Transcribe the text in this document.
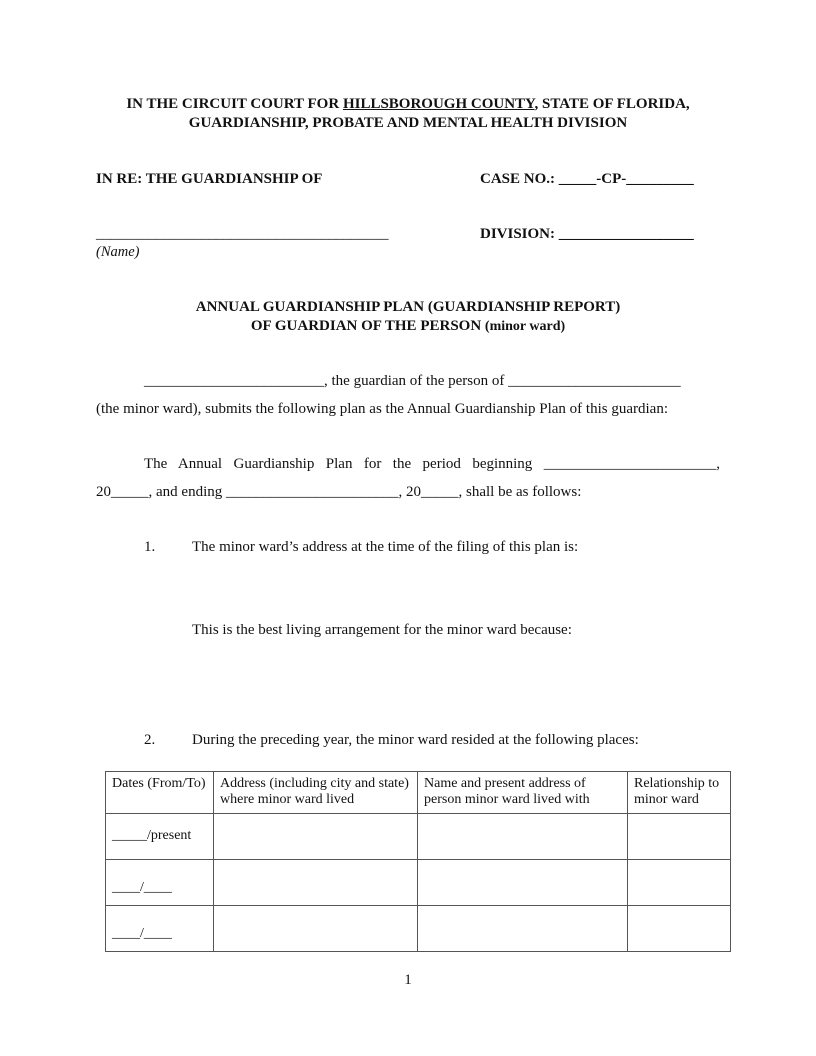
IN THE CIRCUIT COURT FOR HILLSBOROUGH COUNTY, STATE OF FLORIDA,
GUARDIANSHIP, PROBATE AND MENTAL HEALTH DIVISION
IN RE: THE GUARDIANSHIP OF	CASE NO.: _____-CP-_________
_______________________________________	DIVISION: __________________
(Name)
ANNUAL GUARDIANSHIP PLAN (GUARDIANSHIP REPORT)
OF GUARDIAN OF THE PERSON (minor ward)
________________________, the guardian of the person of _______________________
(the minor ward), submits the following plan as the Annual Guardianship Plan of this guardian:
The Annual Guardianship Plan for the period beginning _______________________,
20_____, and ending _______________________, 20_____, shall be as follows:
1. The minor ward’s address at the time of the filing of this plan is:
This is the best living arrangement for the minor ward because:
2. During the preceding year, the minor ward resided at the following places:
Dates (From/To)	Address (including city and state) where minor ward lived	Name and present address of person minor ward lived with	Relationship to minor ward
_____/present			
____/____			
____/____			
1
